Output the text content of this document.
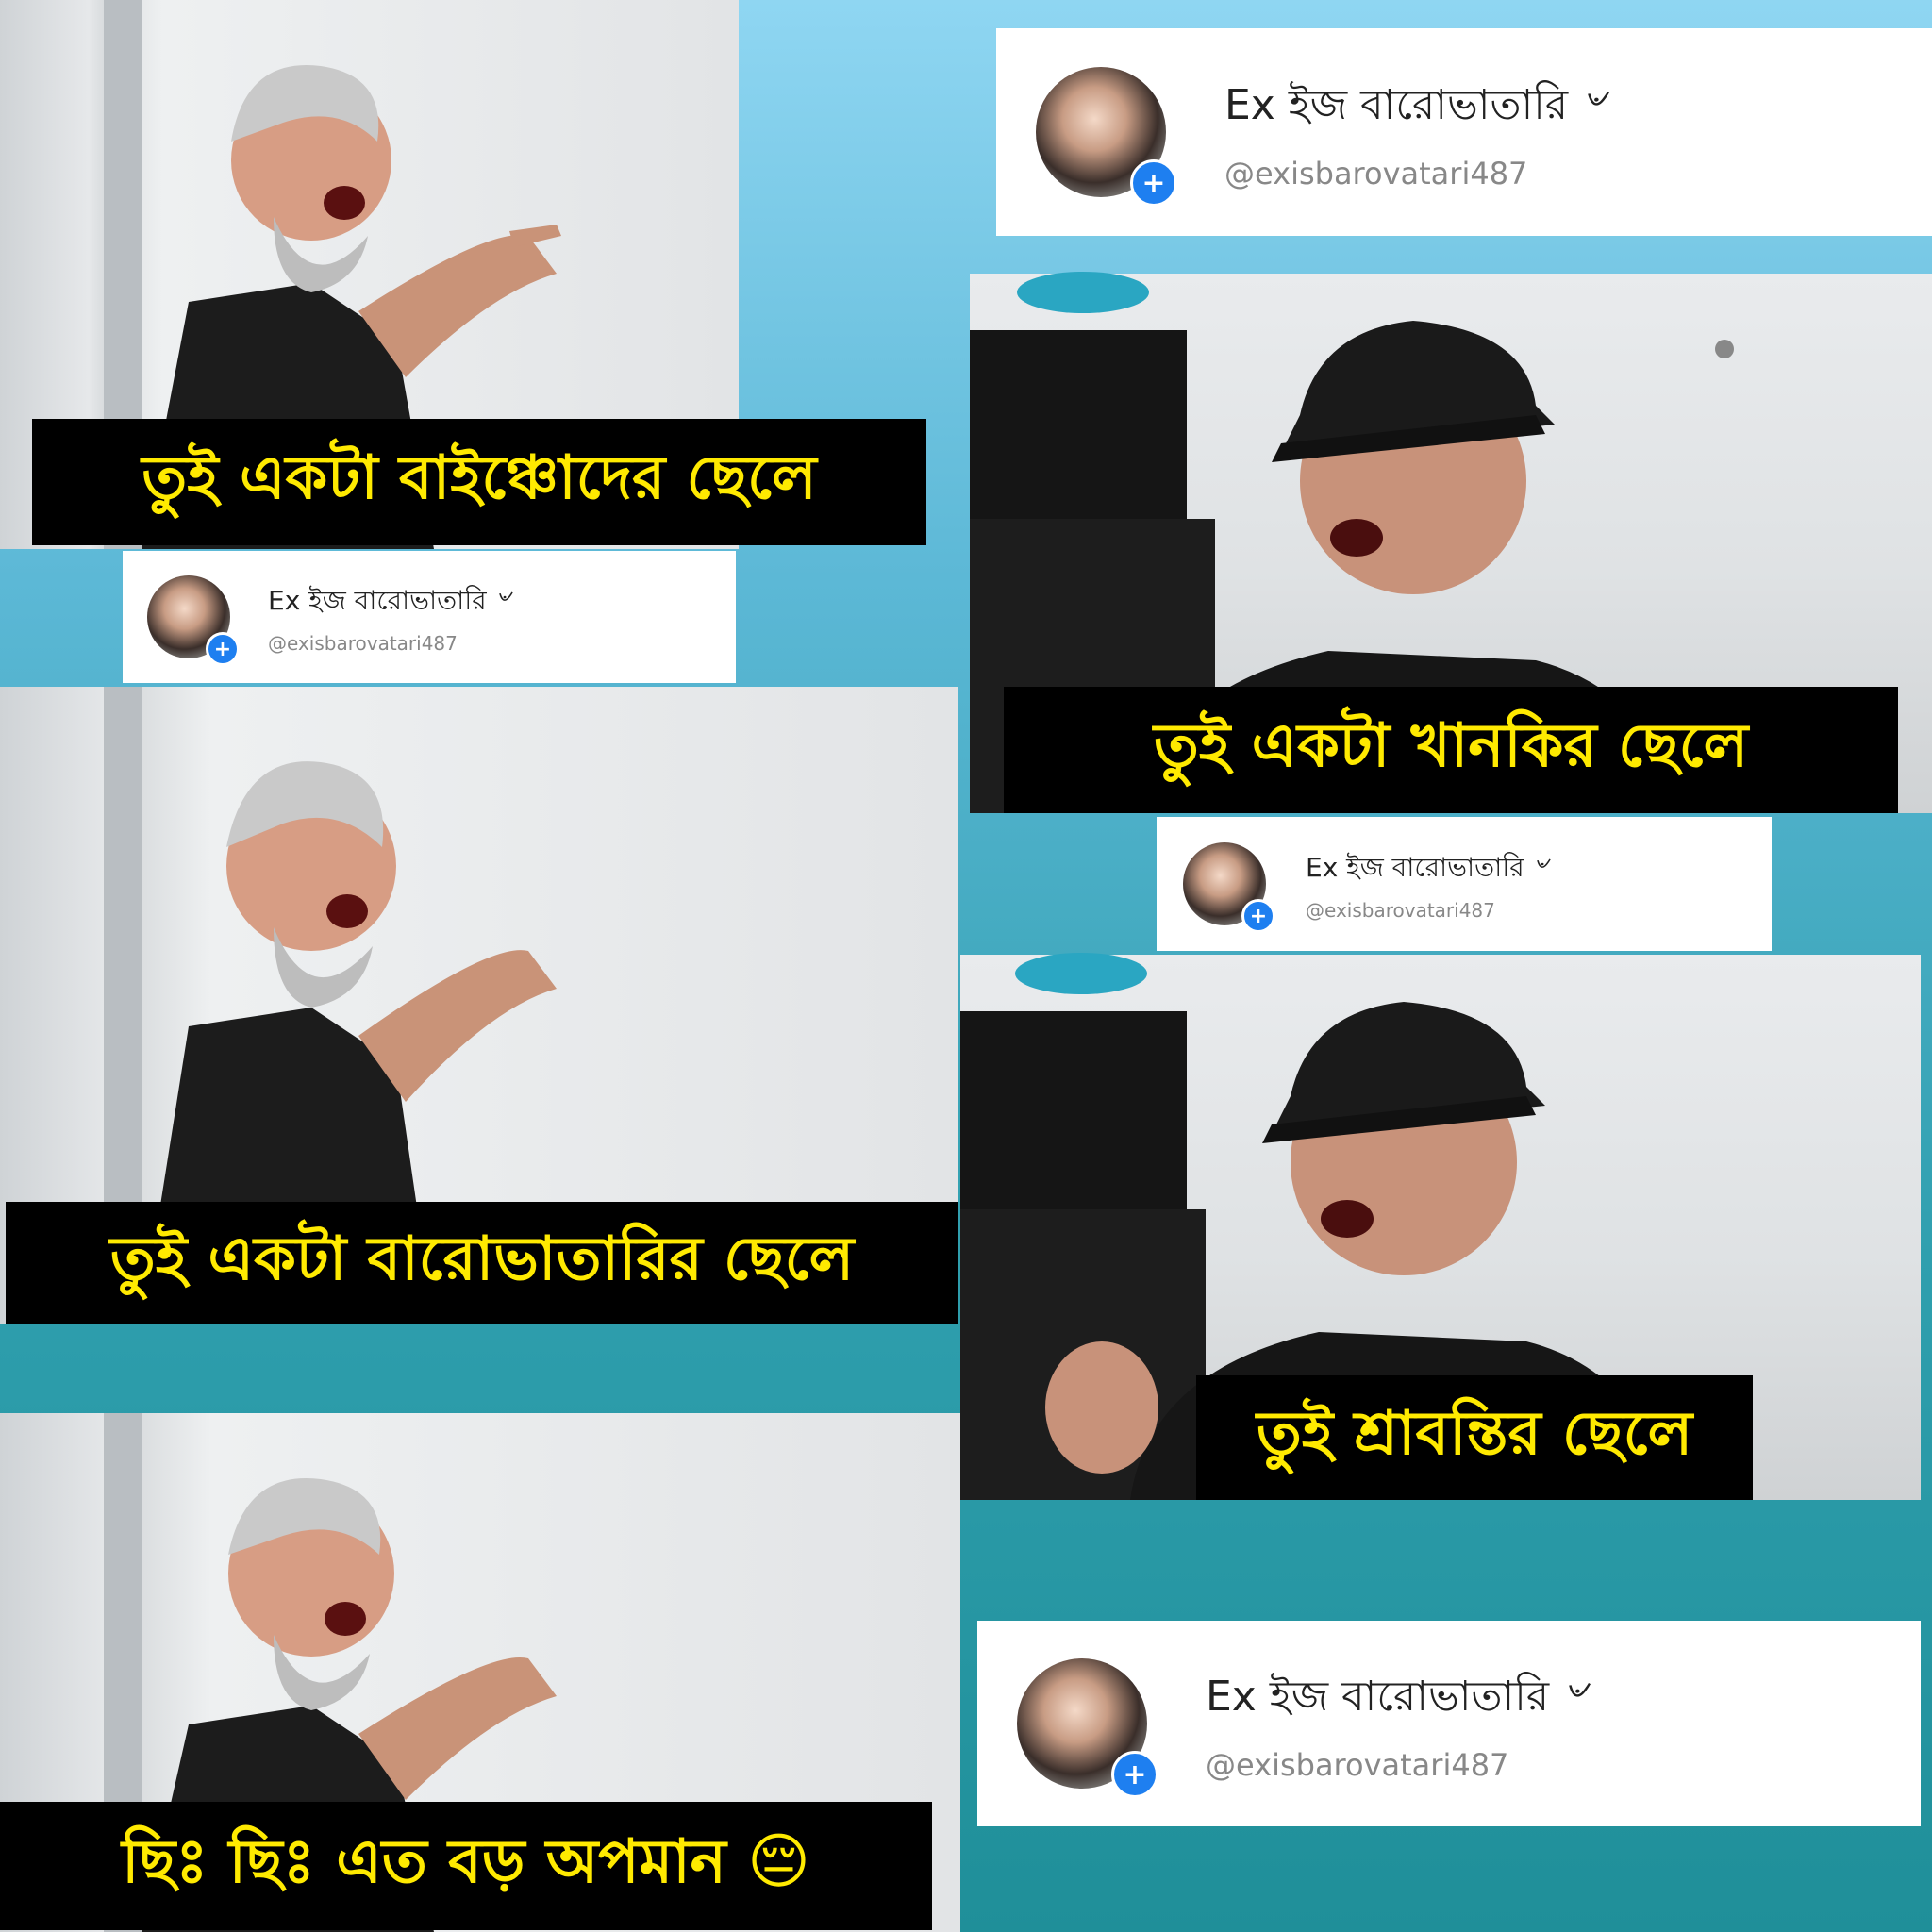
তুই একটা বাইঞ্চোদের ছেলে
+
Ex ইজ বারোভাতারি ৺
@exisbarovatari487
তুই একটা বারোভাতারির ছেলে
ছিঃ ছিঃ এত বড় অপমান 😔
+
Ex ইজ বারোভাতারি ৺
@exisbarovatari487
তুই একটা খানকির ছেলে
+
Ex ইজ বারোভাতারি ৺
@exisbarovatari487
তুই শ্রাবন্তির ছেলে
+
Ex ইজ বারোভাতারি ৺
@exisbarovatari487
